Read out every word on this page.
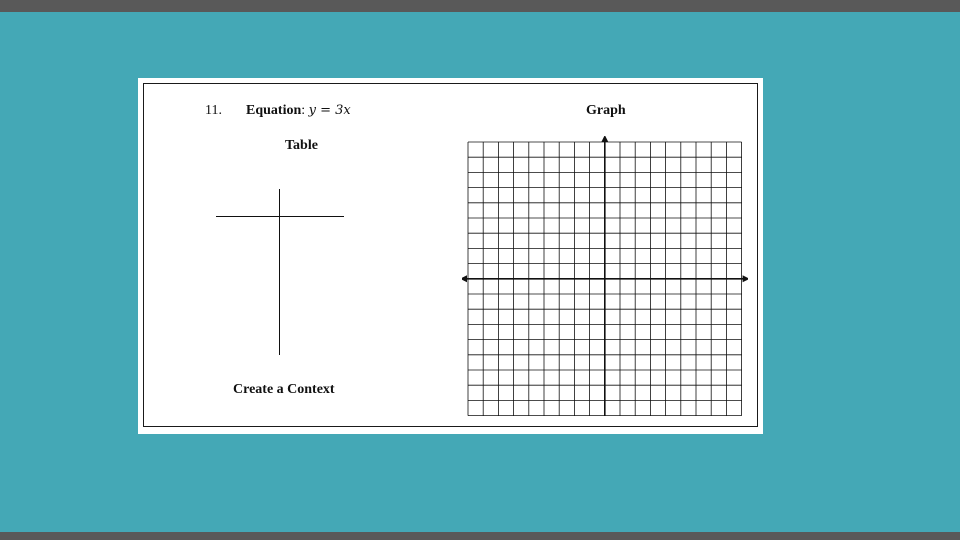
11. Equation: y = 3x	Graph
Table
Create a Context
